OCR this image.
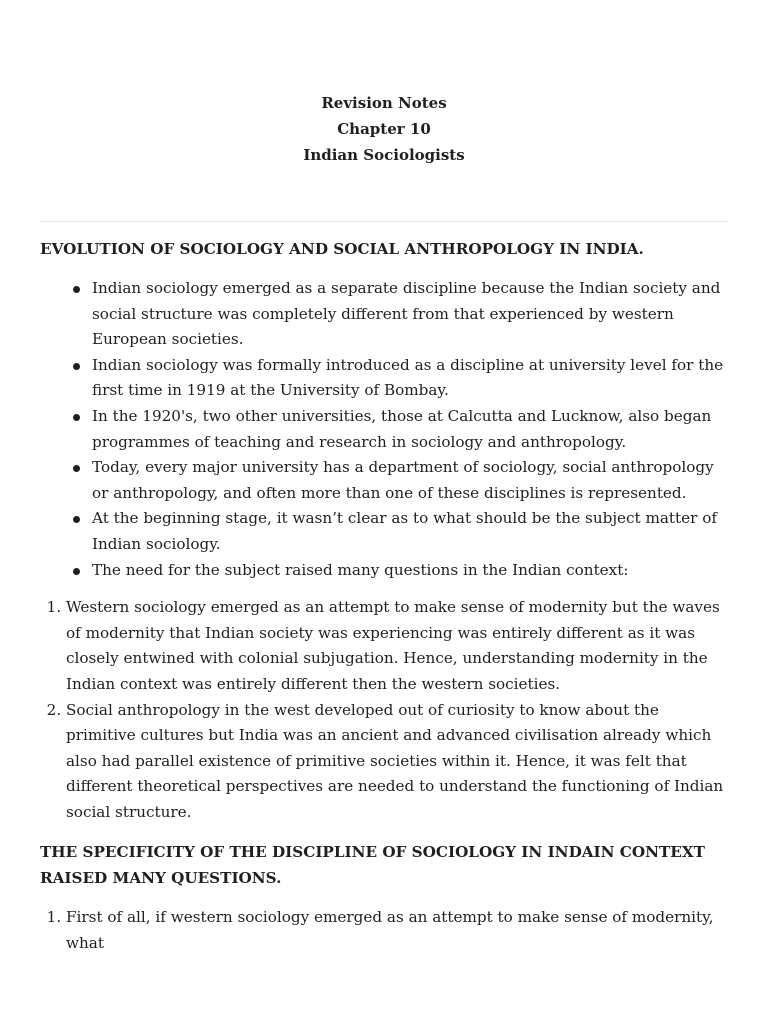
Revision Notes
Chapter 10
Indian Sociologists
EVOLUTION OF SOCIOLOGY AND SOCIAL ANTHROPOLOGY IN INDIA.
Indian sociology emerged as a separate discipline because the Indian society and social structure was completely different from that experienced by western European societies.
Indian sociology was formally introduced as a discipline at university level for the first time in 1919 at the University of Bombay.
In the 1920's, two other universities, those at Calcutta and Lucknow, also began programmes of teaching and research in sociology and anthropology.
Today, every major university has a department of sociology, social anthropology or anthropology, and often more than one of these disciplines is represented.
At the beginning stage, it wasn’t clear as to what should be the subject matter of Indian sociology.
The need for the subject raised many questions in the Indian context:
1. Western sociology emerged as an attempt to make sense of modernity but the waves of modernity that Indian society was experiencing was entirely different as it was closely entwined with colonial subjugation. Hence, understanding modernity in the Indian context was entirely different then the western societies.
2. Social anthropology in the west developed out of curiosity to know about the primitive cultures but India was an ancient and advanced civilisation already which also had parallel existence of primitive societies within it. Hence, it was felt that different theoretical perspectives are needed to understand the functioning of Indian social structure.
THE SPECIFICITY OF THE DISCIPLINE OF SOCIOLOGY IN INDAIN CONTEXT RAISED MANY QUESTIONS.
1. First of all, if western sociology emerged as an attempt to make sense of modernity, what
